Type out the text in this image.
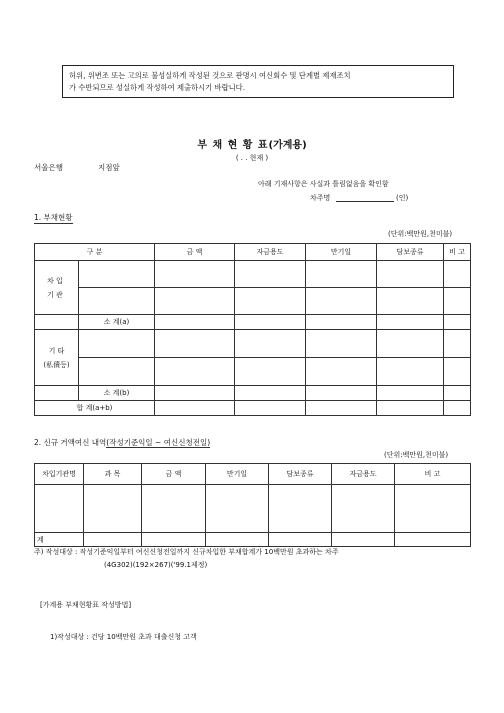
허위, 위변조 또는 고의로 불성실하게 작성된 것으로 판명시 여신회수 및 단계별 제재조치
가 수반되므로 성실하게 작성하여 제출하시기 바랍니다.
부 채 현 황 표(가계용)
( . . 현재 )
서울은행	지점앞
아래 기재사항은 사실과 틀림없음을 확인함
차주명	(인)
1. 부채현황
(단위:백만원,천미불)
구 분		금 액	자금용도	만기일	담보종류	비 고

차 입
기 관						

	소 계(a)					

기 타
(私債등)						

	소 계(b)					
합 계(a+b)						
2. 신규 거액여신 내역(작성기준익일 ~ 여신신청전일)
(단위:백만원,천미불)
차입기관명	과 목	금 액	만기일	담보종류	자금용도	비 고

계						
주) 작성대상 : 작성기준익일부터 여신신청전일까지 신규차입한 부채합계가 10백만원 초과하는 차주
(4G302)(192×267)('99.1제정)
[가계용 부채현황표 작성방법]
1)작성대상 : 건당 10백만원 초과 대출신청 고객
